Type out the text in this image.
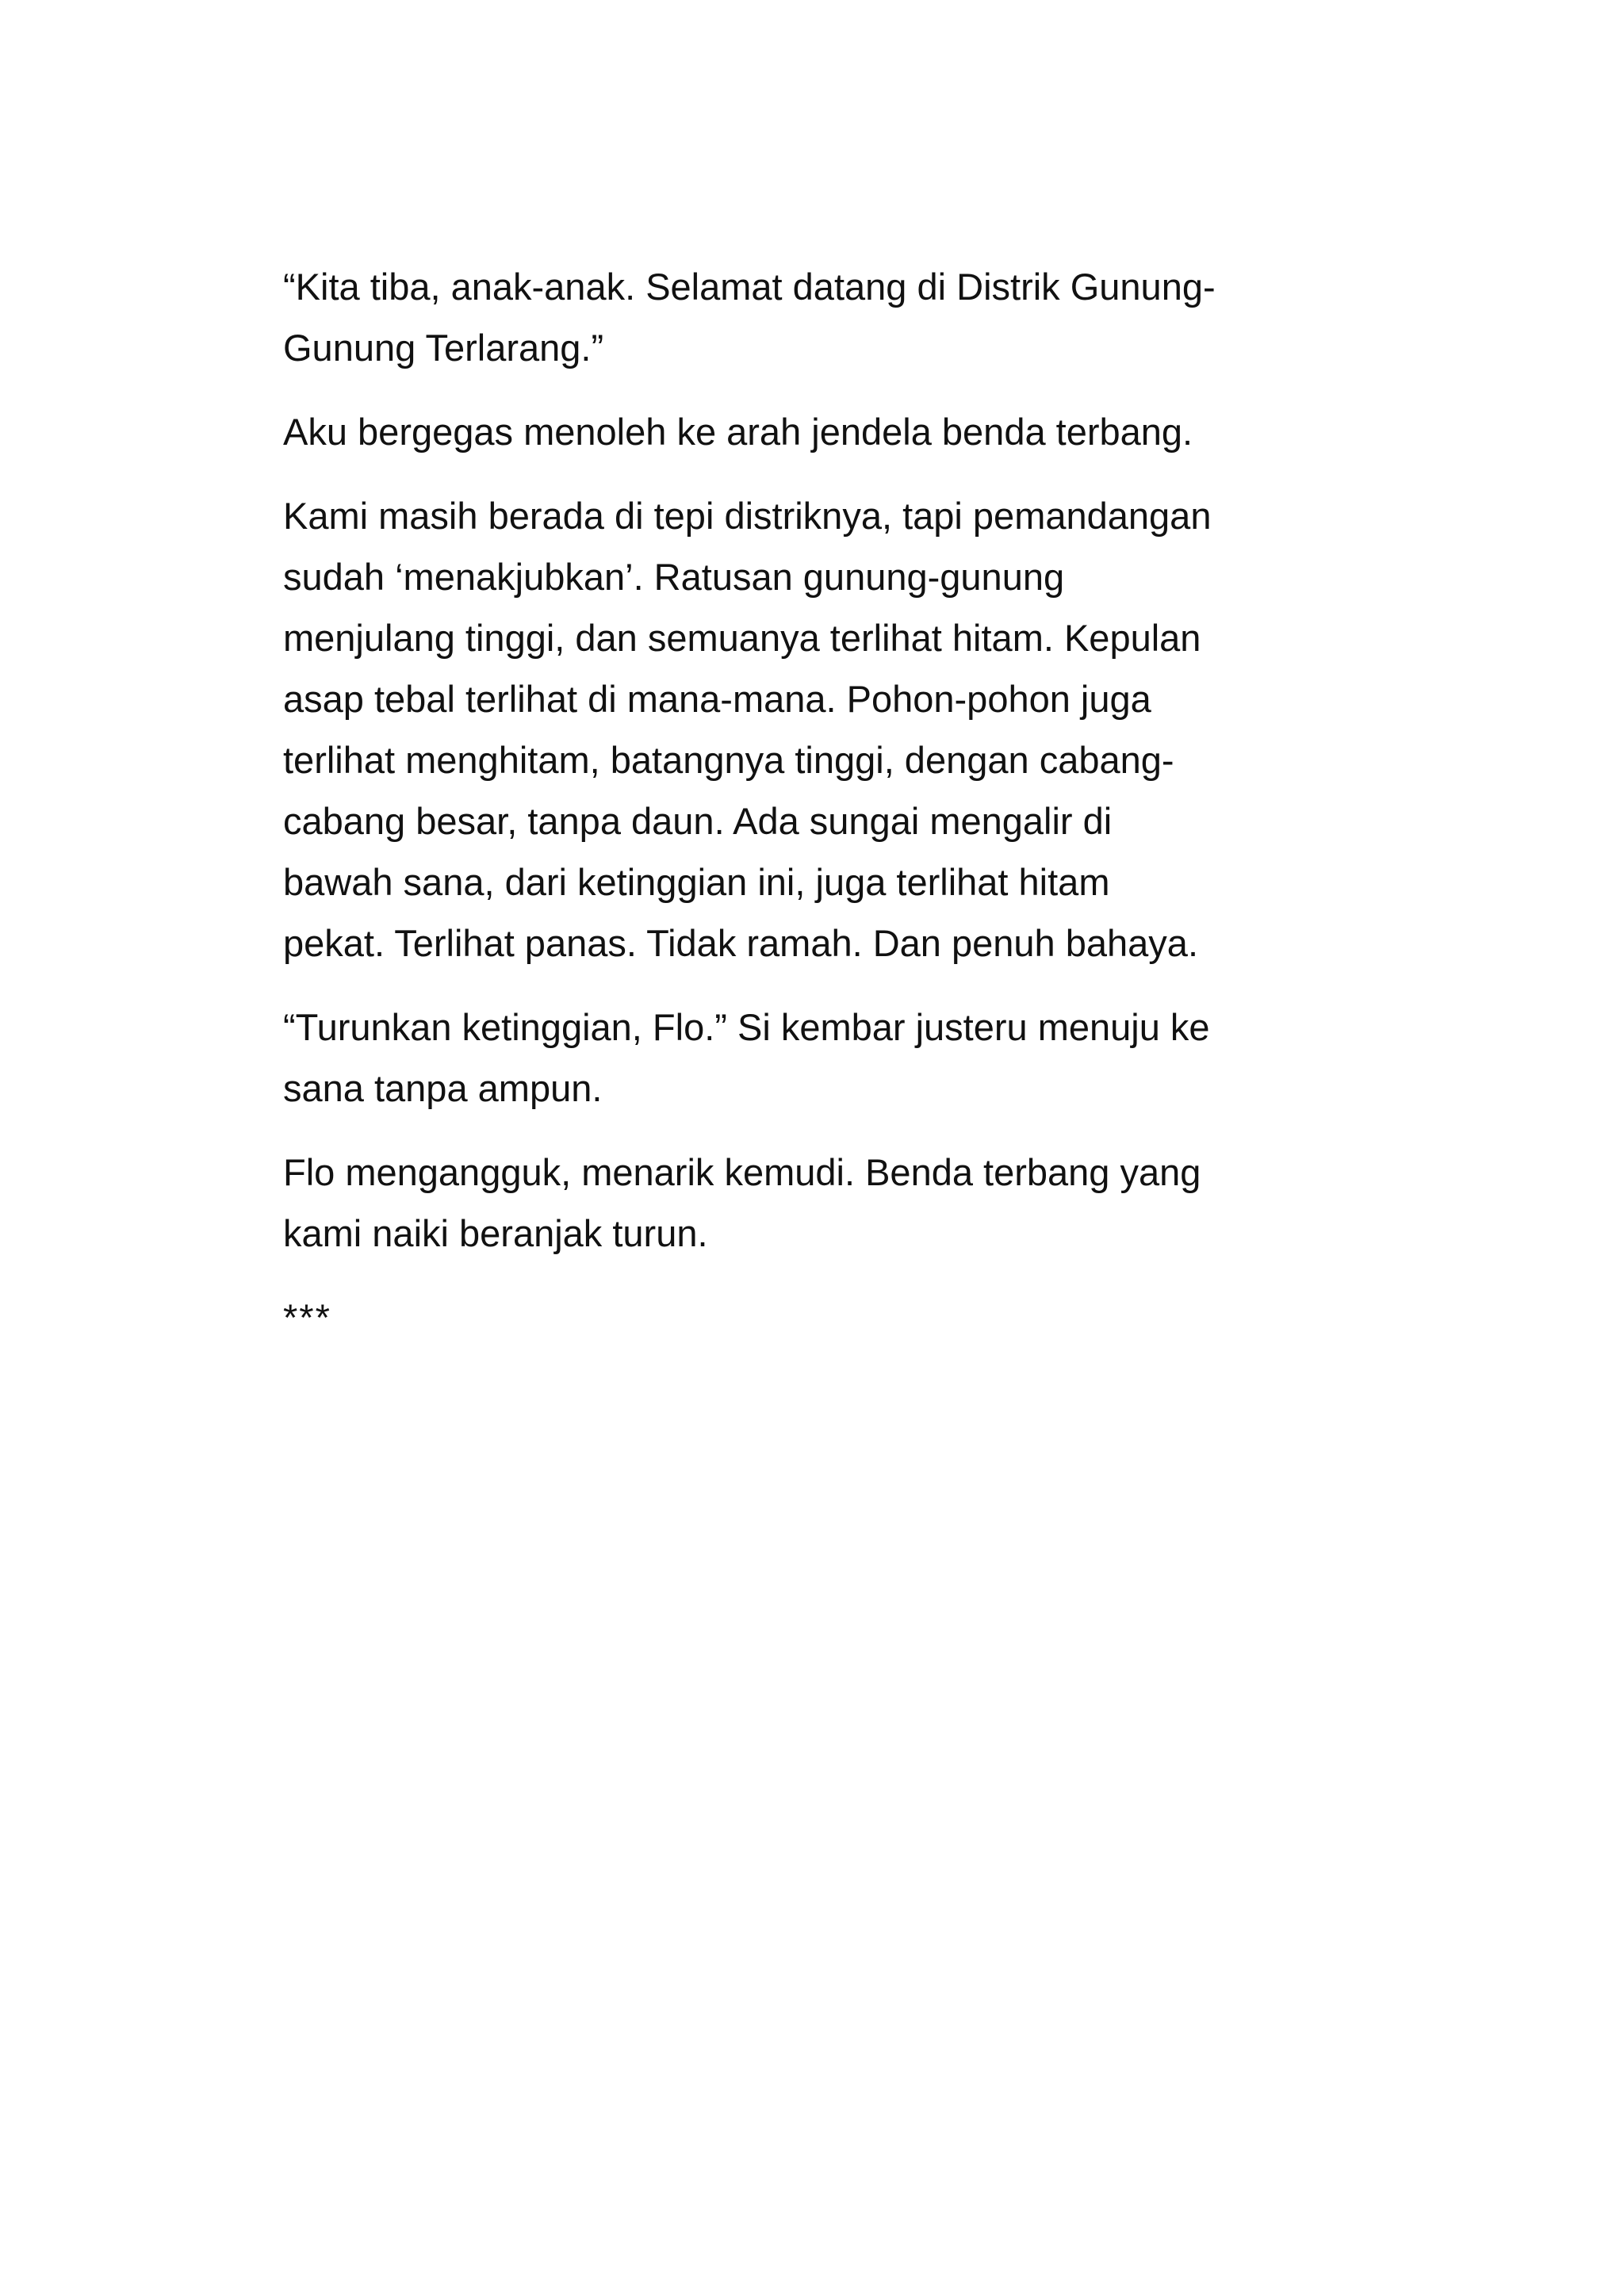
“Kita tiba, anak-anak. Selamat datang di Distrik Gunung-
Gunung Terlarang.”

Aku bergegas menoleh ke arah jendela benda terbang.

Kami masih berada di tepi distriknya, tapi pemandangan
sudah ‘menakjubkan’. Ratusan gunung-gunung
menjulang tinggi, dan semuanya terlihat hitam. Kepulan
asap tebal terlihat di mana-mana. Pohon-pohon juga
terlihat menghitam, batangnya tinggi, dengan cabang-
cabang besar, tanpa daun. Ada sungai mengalir di
bawah sana, dari ketinggian ini, juga terlihat hitam
pekat. Terlihat panas. Tidak ramah. Dan penuh bahaya.

“Turunkan ketinggian, Flo.” Si kembar justeru menuju ke
sana tanpa ampun.

Flo mengangguk, menarik kemudi. Benda terbang yang
kami naiki beranjak turun.

***
